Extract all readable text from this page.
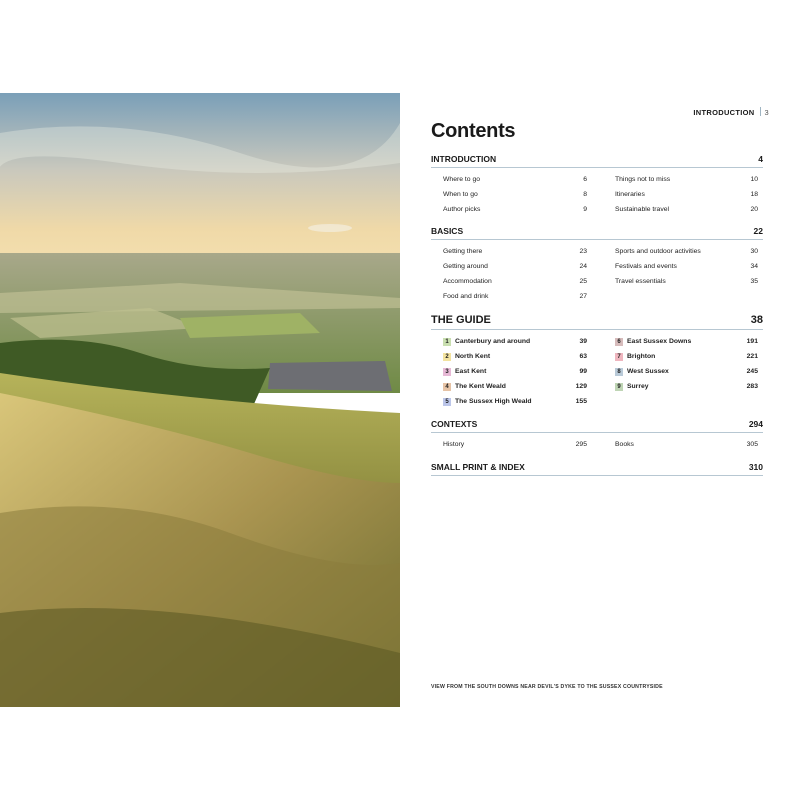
INTRODUCTION 3
Contents
INTRODUCTION	4
Where to go	6
When to go	8
Author picks	9
Things not to miss	10
Itineraries	18
Sustainable travel	20
BASICS	22
Getting there	23
Getting around	24
Accommodation	25
Food and drink	27
Sports and outdoor activities	30
Festivals and events	34
Travel essentials	35
THE GUIDE	38
1 Canterbury and around	39
2 North Kent	63
3 East Kent	99
4 The Kent Weald	129
5 The Sussex High Weald	155
6 East Sussex Downs	191
7 Brighton	221
8 West Sussex	245
9 Surrey	283
CONTEXTS	294
History	295	Books	305
SMALL PRINT & INDEX	310
VIEW FROM THE SOUTH DOWNS NEAR DEVIL'S DYKE TO THE SUSSEX COUNTRYSIDE
